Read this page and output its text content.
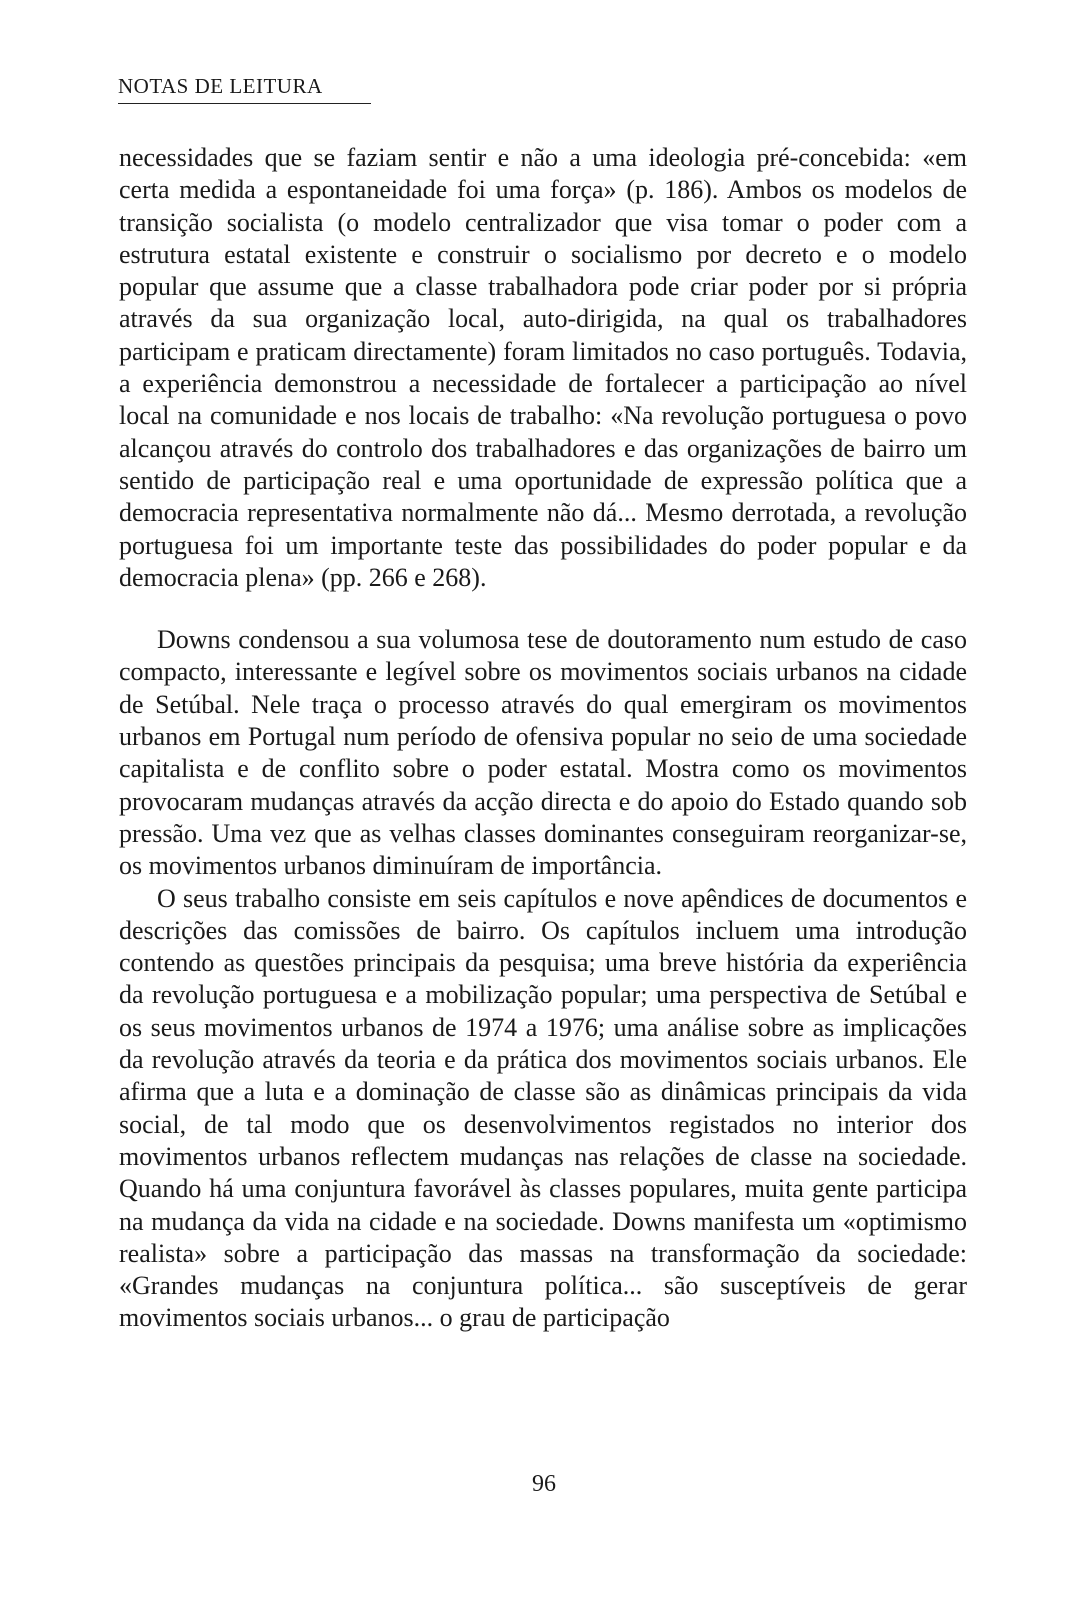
NOTAS DE LEITURA

necessidades que se faziam sentir e não a uma ideologia pré-concebida: «em certa medida a espontaneidade foi uma força» (p. 186). Ambos os modelos de transição socialista (o modelo centralizador que visa tomar o poder com a estrutura estatal existente e construir o socialismo por decreto e o modelo popular que assume que a classe trabalhadora pode criar poder por si própria através da sua organização local, auto-dirigida, na qual os trabalhadores participam e praticam directamente) foram limitados no caso português. Todavia, a experiência demonstrou a necessidade de fortalecer a participação ao nível local na comunidade e nos locais de trabalho: «Na revolução portuguesa o povo alcançou através do controlo dos trabalhadores e das organizações de bairro um sentido de participação real e uma oportunidade de expressão política que a democracia representativa normalmente não dá... Mesmo derrotada, a revolução portuguesa foi um importante teste das possibilidades do poder popular e da democracia plena» (pp. 266 e 268).

Downs condensou a sua volumosa tese de doutoramento num estudo de caso compacto, interessante e legível sobre os movimentos sociais urbanos na cidade de Setúbal. Nele traça o processo através do qual emergiram os movimentos urbanos em Portugal num período de ofensiva popular no seio de uma sociedade capitalista e de conflito sobre o poder estatal. Mostra como os movimentos provocaram mudanças através da acção directa e do apoio do Estado quando sob pressão. Uma vez que as velhas classes dominantes conseguiram reorganizar-se, os movimentos urbanos diminuíram de importância.

O seus trabalho consiste em seis capítulos e nove apêndices de documentos e descrições das comissões de bairro. Os capítulos incluem uma introdução contendo as questões principais da pesquisa; uma breve história da experiência da revolução portuguesa e a mobilização popular; uma perspectiva de Setúbal e os seus movimentos urbanos de 1974 a 1976; uma análise sobre as implicações da revolução através da teoria e da prática dos movimentos sociais urbanos. Ele afirma que a luta e a dominação de classe são as dinâmicas principais da vida social, de tal modo que os desenvolvimentos registados no interior dos movimentos urbanos reflectem mudanças nas relações de classe na sociedade. Quando há uma conjuntura favorável às classes populares, muita gente participa na mudança da vida na cidade e na sociedade. Downs manifesta um «optimismo realista» sobre a participação das massas na transformação da sociedade: «Grandes mudanças na conjuntura política... são susceptíveis de gerar movimentos sociais urbanos... o grau de participação

96
